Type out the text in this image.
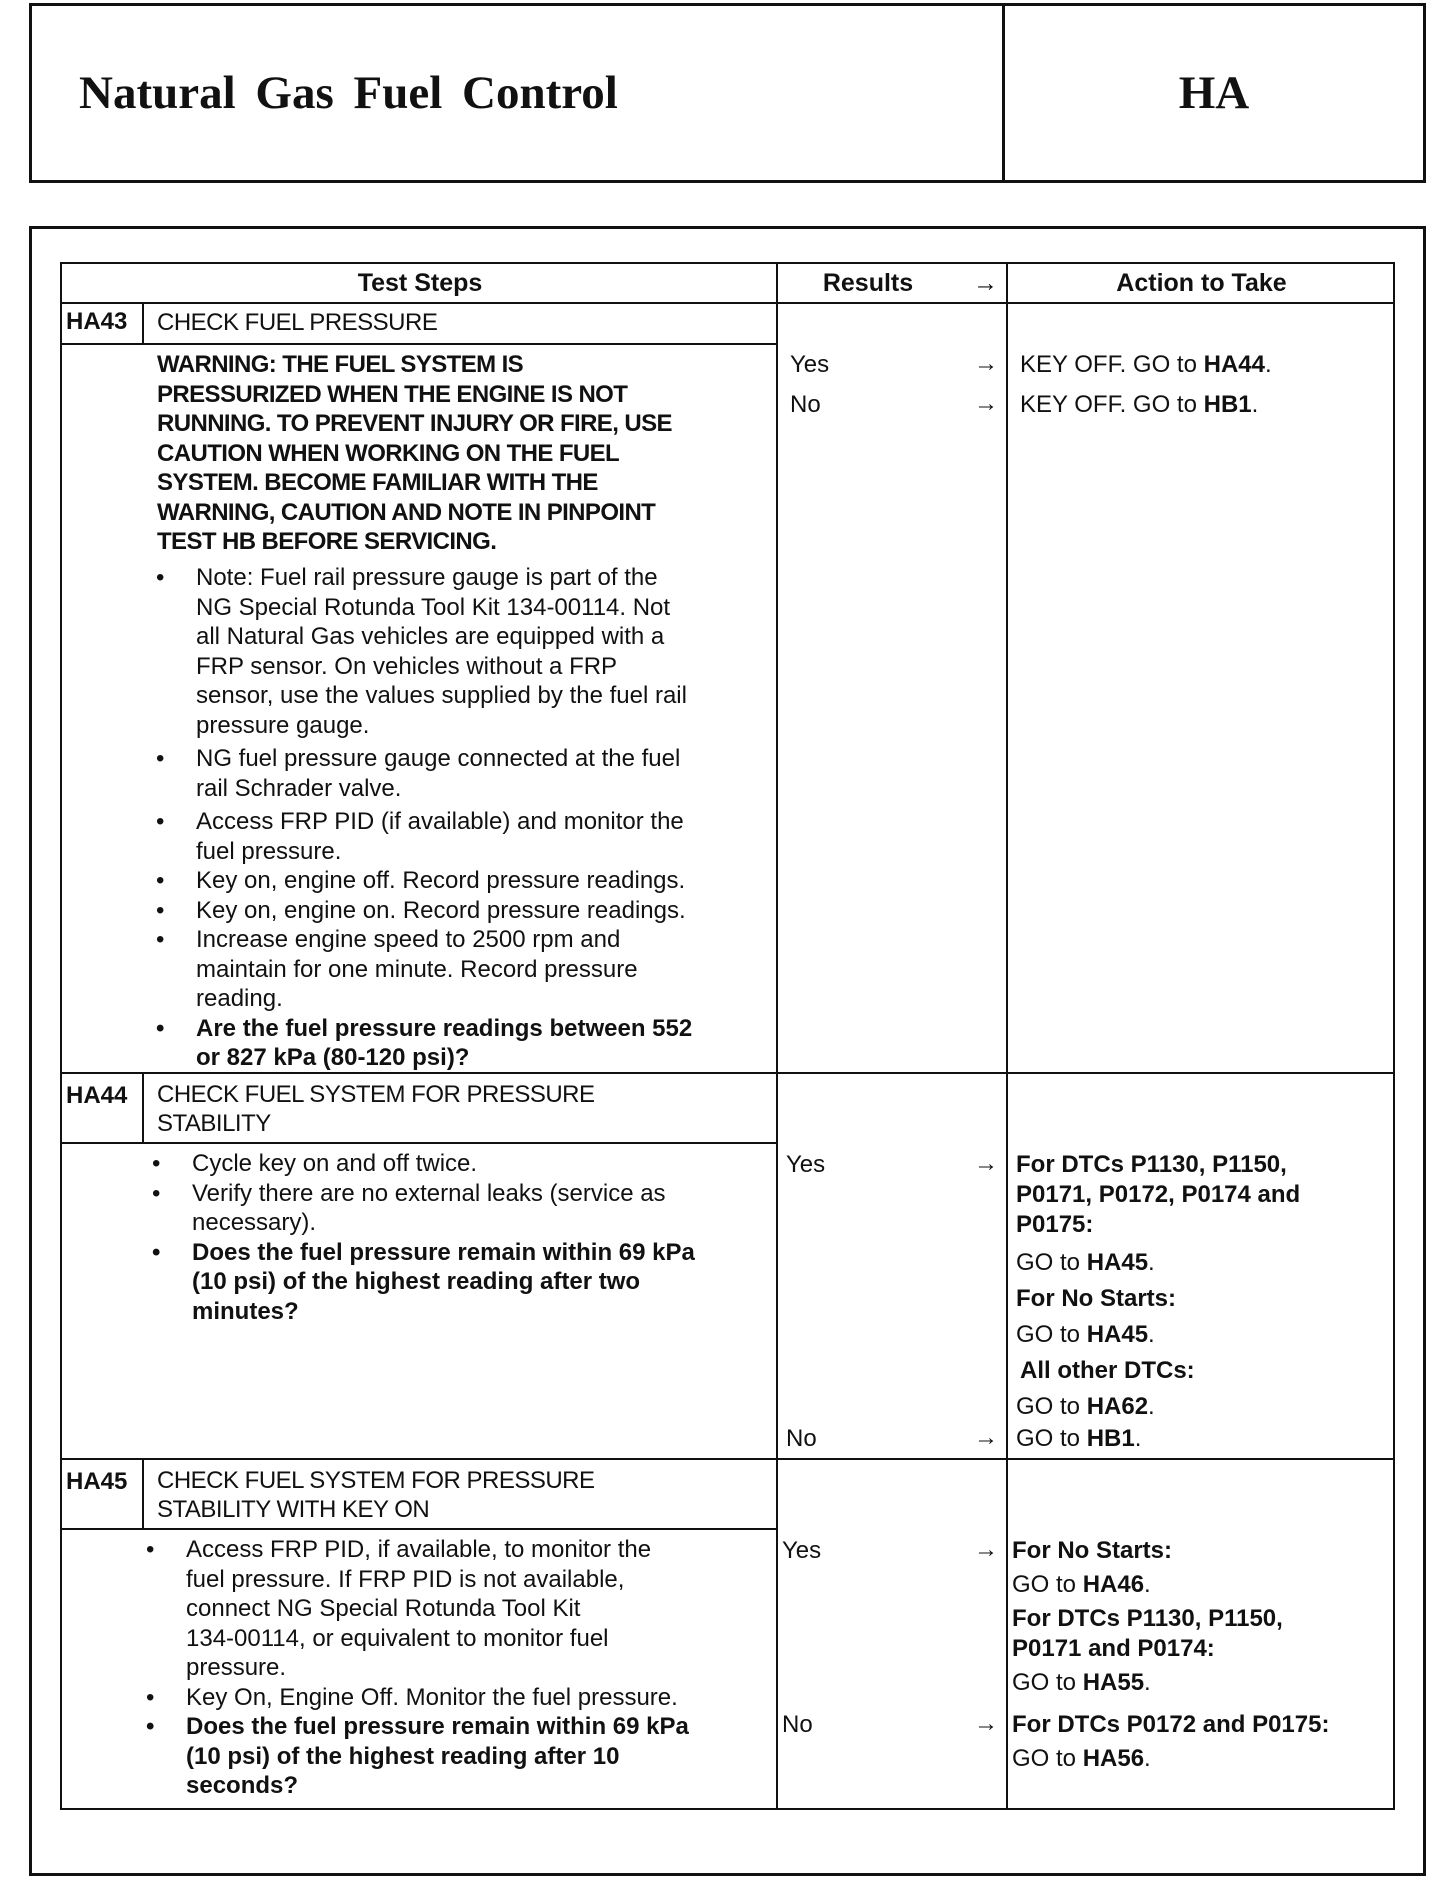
Natural Gas Fuel Control	HA
Test Steps	Results →	Action to Take
HA43 CHECK FUEL PRESSURE
WARNING: THE FUEL SYSTEM IS
PRESSURIZED WHEN THE ENGINE IS NOT
RUNNING. TO PREVENT INJURY OR FIRE, USE
CAUTION WHEN WORKING ON THE FUEL
SYSTEM. BECOME FAMILIAR WITH THE
WARNING, CAUTION AND NOTE IN PINPOINT
TEST HB BEFORE SERVICING.
• Note: Fuel rail pressure gauge is part of the
NG Special Rotunda Tool Kit 134-00114. Not
all Natural Gas vehicles are equipped with a
FRP sensor. On vehicles without a FRP
sensor, use the values supplied by the fuel rail
pressure gauge.
• NG fuel pressure gauge connected at the fuel
rail Schrader valve.
• Access FRP PID (if available) and monitor the
fuel pressure.
• Key on, engine off. Record pressure readings.
• Key on, engine on. Record pressure readings.
• Increase engine speed to 2500 rpm and
maintain for one minute. Record pressure
reading.
• Are the fuel pressure readings between 552
or 827 kPa (80-120 psi)?
Yes	→ KEY OFF. GO to HA44.
No	→ KEY OFF. GO to HB1.
HA44 CHECK FUEL SYSTEM FOR PRESSURE
STABILITY
• Cycle key on and off twice.
• Verify there are no external leaks (service as
necessary).
• Does the fuel pressure remain within 69 kPa
(10 psi) of the highest reading after two
minutes?
Yes	→ For DTCs P1130, P1150,
P0171, P0172, P0174 and
P0175:
GO to HA45.
For No Starts:
GO to HA45.
All other DTCs:
GO to HA62.
No	→ GO to HB1.
HA45 CHECK FUEL SYSTEM FOR PRESSURE
STABILITY WITH KEY ON
• Access FRP PID, if available, to monitor the
fuel pressure. If FRP PID is not available,
connect NG Special Rotunda Tool Kit
134-00114, or equivalent to monitor fuel
pressure.
• Key On, Engine Off. Monitor the fuel pressure.
• Does the fuel pressure remain within 69 kPa
(10 psi) of the highest reading after 10
seconds?
Yes	→ For No Starts:
GO to HA46.
For DTCs P1130, P1150,
P0171 and P0174:
GO to HA55.
No	→ For DTCs P0172 and P0175:
GO to HA56.
